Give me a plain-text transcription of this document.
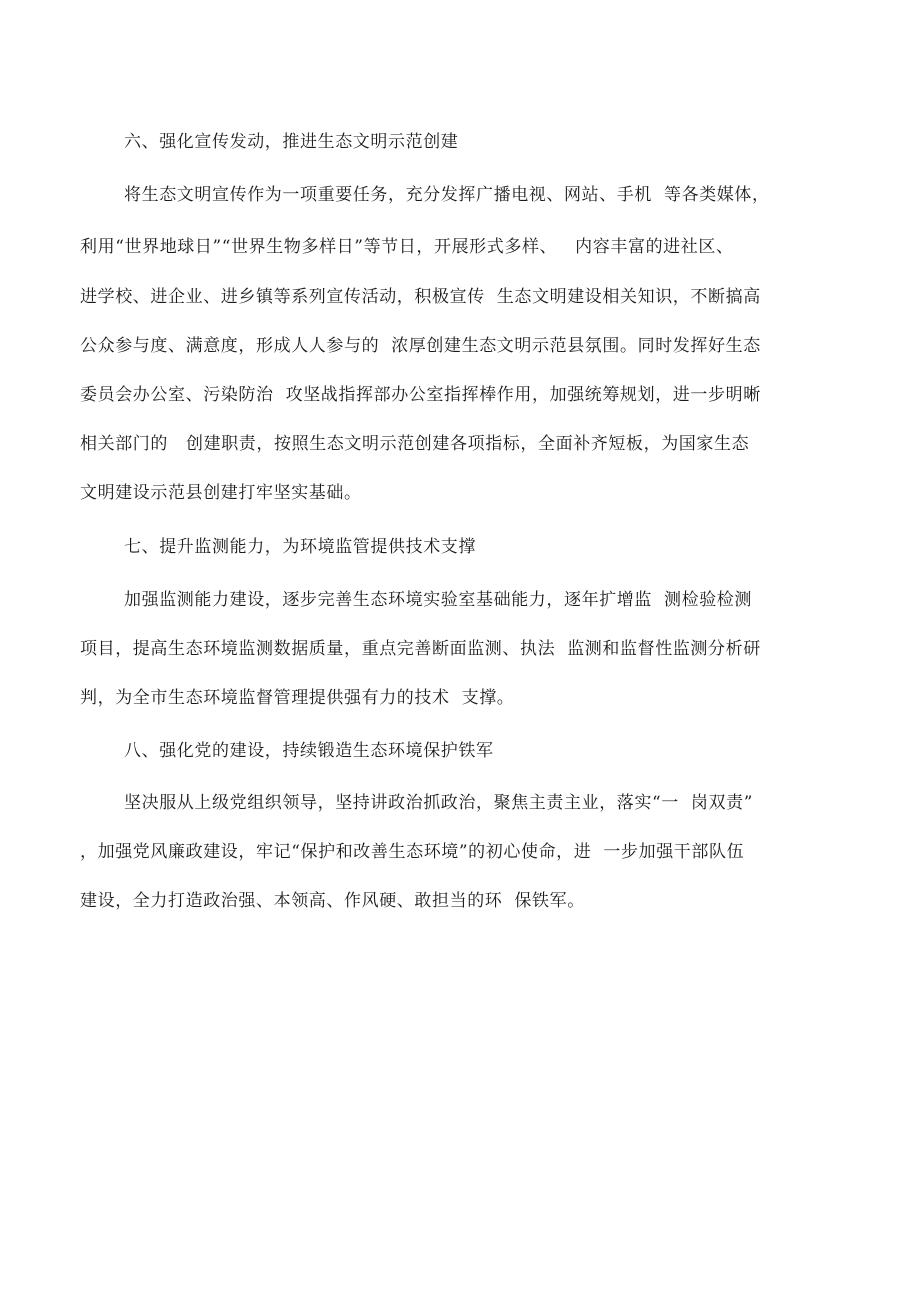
六、强化宣传发动，推进生态文明示范创建
将生态文明宣传作为一项重要任务，充分发挥广播电视、网站、手机  等各类媒体，
利用“世界地球日”“世界生物多样日”等节日，开展形式多样、   内容丰富的进社区、
进学校、进企业、进乡镇等系列宣传活动，积极宣传  生态文明建设相关知识，不断搞高
公众参与度、满意度，形成人人参与的  浓厚创建生态文明示范县氛围。同时发挥好生态
委员会办公室、污染防治  攻坚战指挥部办公室指挥棒作用，加强统筹规划，进一步明晰
相关部门的   创建职责，按照生态文明示范创建各项指标，全面补齐短板，为国家生态
文明建设示范县创建打牢坚实基础。
七、提升监测能力，为环境监管提供技术支撑
加强监测能力建设，逐步完善生态环境实验室基础能力，逐年扩增监  测检验检测
项目，提高生态环境监测数据质量，重点完善断面监测、执法  监测和监督性监测分析研
判，为全市生态环境监督管理提供强有力的技术  支撑。
八、强化党的建设，持续锻造生态环境保护铁军
坚决服从上级党组织领导，坚持讲政治抓政治，聚焦主责主业，落实“一  岗双责”
，加强党风廉政建设，牢记“保护和改善生态环境”的初心使命，进  一步加强干部队伍
建设，全力打造政治强、本领高、作风硬、敢担当的环  保铁军。
